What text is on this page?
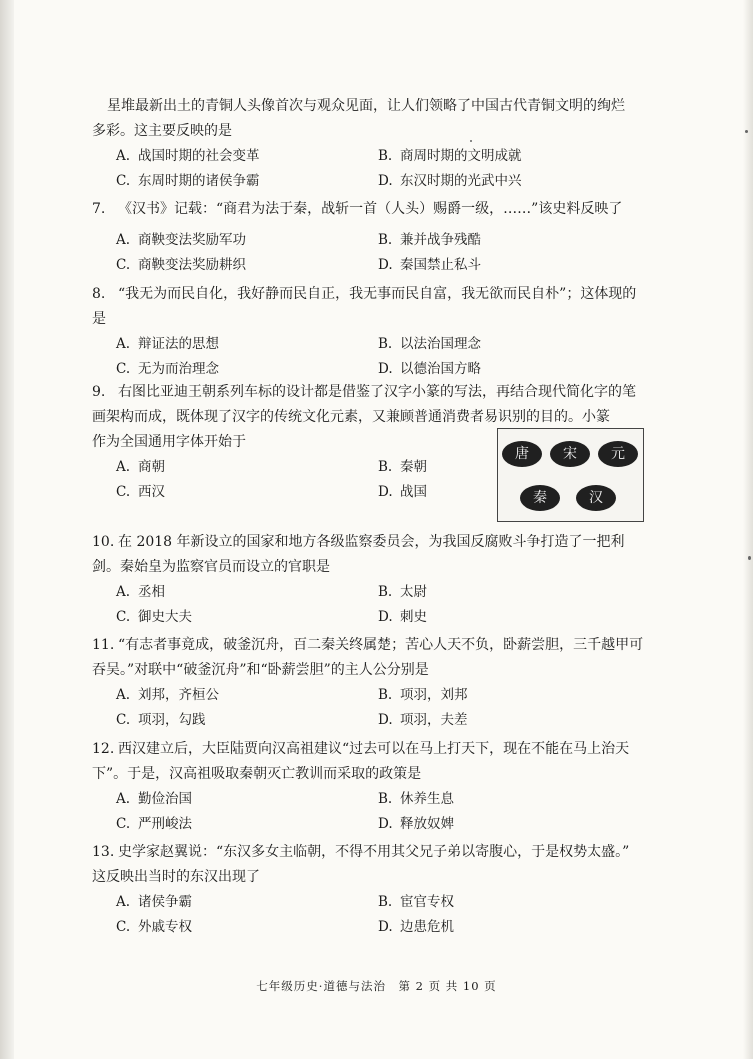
星堆最新出土的青铜人头像首次与观众见面，让人们领略了中国古代青铜文明的绚烂

多彩。这主要反映的是

A. 战国时期的社会变革	B. 商周时期的文明成就
C. 东周时期的诸侯争霸	D. 东汉时期的光武中兴

7. 《汉书》记载：“商君为法于秦，战斩一首（人头）赐爵一级，……”该史料反映了

A. 商鞅变法奖励军功	B. 兼并战争残酷
C. 商鞅变法奖励耕织	D. 秦国禁止私斗

8. “我无为而民自化，我好静而民自正，我无事而民自富，我无欲而民自朴”；这体现的

是

A. 辩证法的思想	B. 以法治国理念
C. 无为而治理念	D. 以德治国方略

9. 右图比亚迪王朝系列车标的设计都是借鉴了汉字小篆的写法，再结合现代简化字的笔

画架构而成，既体现了汉字的传统文化元素，又兼顾普通消费者易识别的目的。小篆

作为全国通用字体开始于

A. 商朝	B. 秦朝
C. 西汉	D. 战国
唐	宋	元
秦	汉

10. 在 2018 年新设立的国家和地方各级监察委员会，为我国反腐败斗争打造了一把利

剑。秦始皇为监察官员而设立的官职是

A. 丞相	B. 太尉
C. 御史大夫	D. 刺史

11. “有志者事竟成，破釜沉舟，百二秦关终属楚；苦心人天不负，卧薪尝胆，三千越甲可

吞吴。”对联中“破釜沉舟”和“卧薪尝胆”的主人公分别是

A. 刘邦，齐桓公	B. 项羽，刘邦
C. 项羽，勾践	D. 项羽，夫差

12. 西汉建立后，大臣陆贾向汉高祖建议“过去可以在马上打天下，现在不能在马上治天

下”。于是，汉高祖吸取秦朝灭亡教训而采取的政策是

A. 勤俭治国	B. 休养生息
C. 严刑峻法	D. 释放奴婢

13. 史学家赵翼说：“东汉多女主临朝，不得不用其父兄子弟以寄腹心，于是权势太盛。”

这反映出当时的东汉出现了

A. 诸侯争霸	B. 宦官专权
C. 外戚专权	D. 边患危机
七年级历史·道德与法治　第 2 页 共 10 页
